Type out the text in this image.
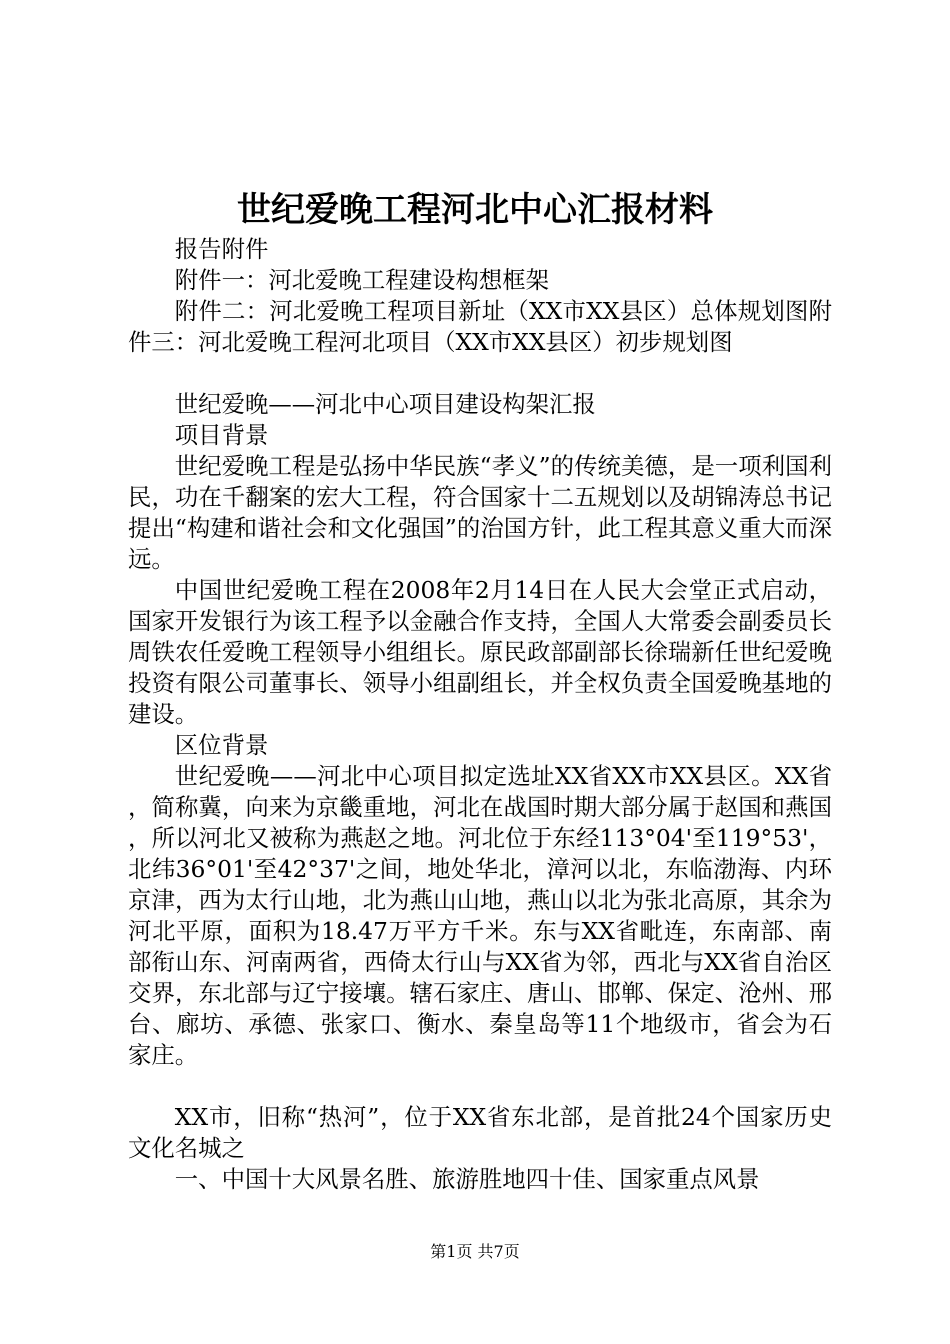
世纪爱晚工程河北中心汇报材料

报告附件

附件一：河北爱晚工程建设构想框架

附件二：河北爱晚工程项目新址（XX市XX县区）总体规划图附件三：河北爱晚工程河北项目（XX市XX县区）初步规划图

世纪爱晚——河北中心项目建设构架汇报

项目背景

世纪爱晚工程是弘扬中华民族“孝义”的传统美德，是一项利国利民，功在千翻案的宏大工程，符合国家十二五规划以及胡锦涛总书记提出“构建和谐社会和文化强国”的治国方针，此工程其意义重大而深远。

中国世纪爱晚工程在2008年2月14日在人民大会堂正式启动，国家开发银行为该工程予以金融合作支持，全国人大常委会副委员长周铁农任爱晚工程领导小组组长。原民政部副部长徐瑞新任世纪爱晚投资有限公司董事长、领导小组副组长，并全权负责全国爱晚基地的建设。

区位背景

世纪爱晚——河北中心项目拟定选址XX省XX市XX县区。XX省，简称冀，向来为京畿重地，河北在战国时期大部分属于赵国和燕国，所以河北又被称为燕赵之地。河北位于东经113°04'至119°53'，北纬36°01'至42°37'之间，地处华北，漳河以北，东临渤海、内环京津，西为太行山地，北为燕山山地，燕山以北为张北高原，其余为河北平原，面积为18.47万平方千米。东与XX省毗连，东南部、南部衔山东、河南两省，西倚太行山与XX省为邻，西北与XX省自治区交界，东北部与辽宁接壤。辖石家庄、唐山、邯郸、保定、沧州、邢台、廊坊、承德、张家口、衡水、秦皇岛等11个地级市，省会为石家庄。

XX市，旧称“热河”，位于XX省东北部，是首批24个国家历史文化名城之

一、中国十大风景名胜、旅游胜地四十佳、国家重点风景

第1页 共7页
